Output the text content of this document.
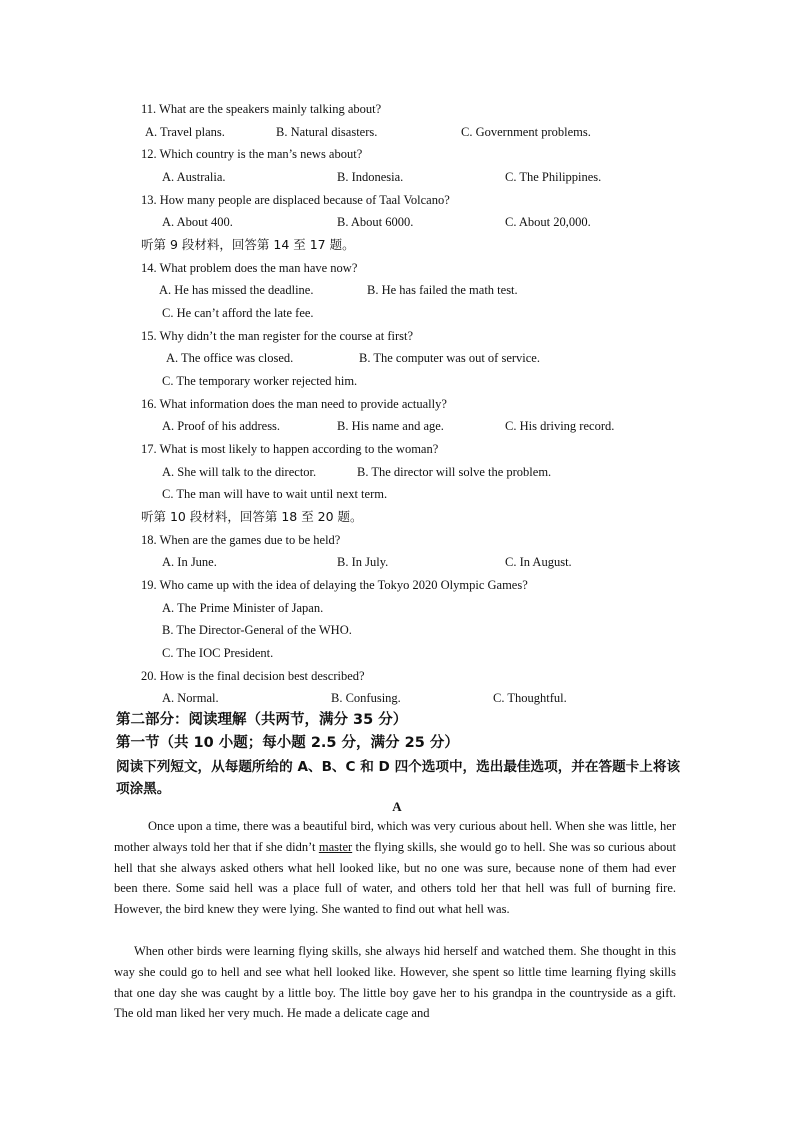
11. What are the speakers mainly talking about?
A. Travel plans.	B. Natural disasters.	C. Government problems.
12. Which country is the man’s news about?
A. Australia.	B. Indonesia.	C. The Philippines.
13. How many people are displaced because of Taal Volcano?
A. About 400.	B. About 6000.	C. About 20,000.
听第 9 段材料，回答第 14 至 17 题。
14. What problem does the man have now?
A. He has missed the deadline.	B. He has failed the math test.
C. He can’t afford the late fee.
15. Why didn’t the man register for the course at first?
A. The office was closed.	B. The computer was out of service.
C. The temporary worker rejected him.
16. What information does the man need to provide actually?
A. Proof of his address.	B. His name and age.	C. His driving record.
17. What is most likely to happen according to the woman?
A. She will talk to the director.	B. The director will solve the problem.
C. The man will have to wait until next term.
听第 10 段材料，回答第 18 至 20 题。
18. When are the games due to be held?
A. In June.	B. In July.	C. In August.
19. Who came up with the idea of delaying the Tokyo 2020 Olympic Games?
A. The Prime Minister of Japan.
B. The Director-General of the WHO.
C. The IOC President.
20. How is the final decision best described?
A. Normal.	B. Confusing.	C. Thoughtful.
第二部分：阅读理解（共两节，满分 35 分）
第一节（共 10 小题；每小题 2.5 分，满分 25 分）
阅读下列短文，从每题所给的 A、B、C 和 D 四个选项中，选出最佳选项，并在答题卡上将该
项涂黑。
A
Once upon a time, there was a beautiful bird, which was very curious about hell. When she was little, her mother always told her that if she didn’t master the flying skills, she would go to hell. She was so curious about hell that she always asked others what hell looked like, but no one was sure, because none of them had ever been there. Some said hell was a place full of water, and others told her that hell was full of burning fire. However, the bird knew they were lying. She wanted to find out what hell was.
When other birds were learning flying skills, she always hid herself and watched them. She thought in this way she could go to hell and see what hell looked like. However, she spent so little time learning flying skills that one day she was caught by a little boy. The little boy gave her to his grandpa in the countryside as a gift. The old man liked her very much. He made a delicate cage and
